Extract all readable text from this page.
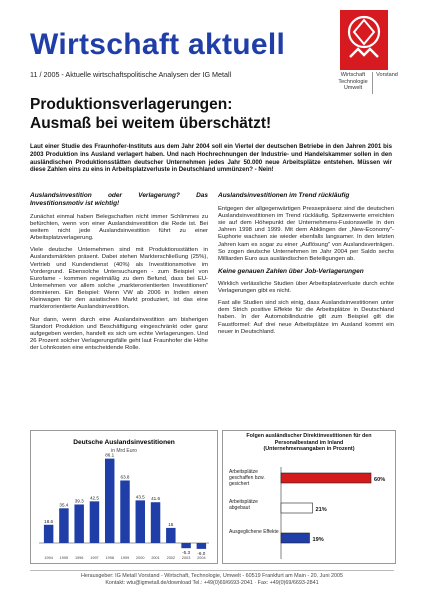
Wirtschaft aktuell
11 / 2005 - Aktuelle wirtschaftspolitische Analysen der IG Metall	Wirtschaft
Technologie
Umwelt
Vorstand
Produktionsverlagerungen:
Ausmaß bei weitem überschätzt!
Laut einer Studie des Fraunhofer-Instituts aus dem Jahr 2004 soll ein Viertel der deutschen Betriebe in den Jahren 2001 bis 2003 Produktion ins Ausland verlagert haben. Und nach Hochrechnungen der Industrie- und Handelskammer sollen in den ausländischen Produktionsstätten deutscher Unternehmen jedes Jahr 50.000 neue Arbeitsplätze entstehen. Müssen wir diese Zahlen eins zu eins in Arbeitsplatzverluste in Deutschland ummünzen? - Nein!
Auslandsinvestition oder Verlagerung? Das Investitionsmotiv ist wichtig!

Zunächst einmal haben Belegschaften nicht immer Schlimmes zu befürchten, wenn von einer Auslandsinvestition die Rede ist. Bei weitem nicht jede Auslandsinvestition führt zu einer Arbeitsplatzverlagerung.

Viele deutsche Unternehmen sind mit Produktionsstätten in Auslandsmärkten präsent. Dabei stehen Markterschließung (25%), Vertrieb und Kundendienst (40%) als Investitionsmotive im Vordergrund. Ebensolche Untersuchungen - zum Beispiel von Eurofame - kommen regelmäßig zu dem Befund, dass bei EU-Unternehmen vor allem solche „markterorientierten Investitionen" dominieren. Ein Beispiel: Wenn VW ab 2006 in Indien einen Kleinwagen für den asiatischen Markt produziert, ist das eine markterorientierte Auslandsinvestition.

Nur dann, wenn durch eine Auslandsinvestition am bisherigen Standort Produktion und Beschäftigung eingeschränkt oder ganz aufgegeben werden, handelt es sich um echte Verlagerungen. Und 26 Prozent solcher Verlagerungsfälle geht laut Fraunhofer die Höhe der Lohnkosten eine entscheidende Rolle.

Auslandsinvestitionen im Trend rückläufig

Entgegen der allgegenwärtigen Pressepräsenz sind die deutschen Auslandsinvestitionen im Trend rückläufig. Spitzenwerte erreichten sie auf dem Höhepunkt der Unternehmens-Fusionswelle in den Jahren 1998 und 1999. Mit dem Abklingen der „New-Economy"-Euphorie wachsen sie wieder ebenfalls langsamer. In den letzten Jahren kam es sogar zu einer „Auflösung" von Auslandsverträgen. So zogen deutsche Unternehmen im Jahr 2004 per Saldo sechs Milliarden Euro aus ausländischen Beteiligungen ab.

Keine genauen Zahlen über Job-Verlagerungen

Wirklich verlässliche Studien über Arbeitsplatzverluste durch echte Verlagerungen gibt es nicht.

Fast alle Studien sind sich einig, dass Auslandsinvestitionen unter dem Strich positive Effekte für die Arbeitsplätze in Deutschland haben. In der Automobilindustrie gilt zum Beispiel gilt die Faustformel: Auf drei neue Arbeitsplätze im Ausland kommt ein neuer in Deutschland.

Deutsche Auslandsinvestitionen
in Mrd Euro
18.6
1994
35.4
1995
39.3
1996
42.5
1997
86.1
1998
63.8
1999
43.5
2000
41.6
2001
15
2002
-5.3
2003
-6.0
2004
Folgen ausländischer Direktinvestitionen für den Personalbestand im Inland
(Unternehmensangaben in Prozent)
Arbeitsplätze geschaffen bzw. gesichert
60%
Arbeitsplätze abgebaut	21%
Ausgeglichene Effekte
19%
Herausgeber: IG Metall Vorstand - Wirtschaft, Technologie, Umwelt - 60519 Frankfurt am Main - 20. Juni 2005
Kontakt: wtu@igmetall.de/download Tel.: +49(0)69/6693-2041 · Fax: +49(0)69/6693-2841
